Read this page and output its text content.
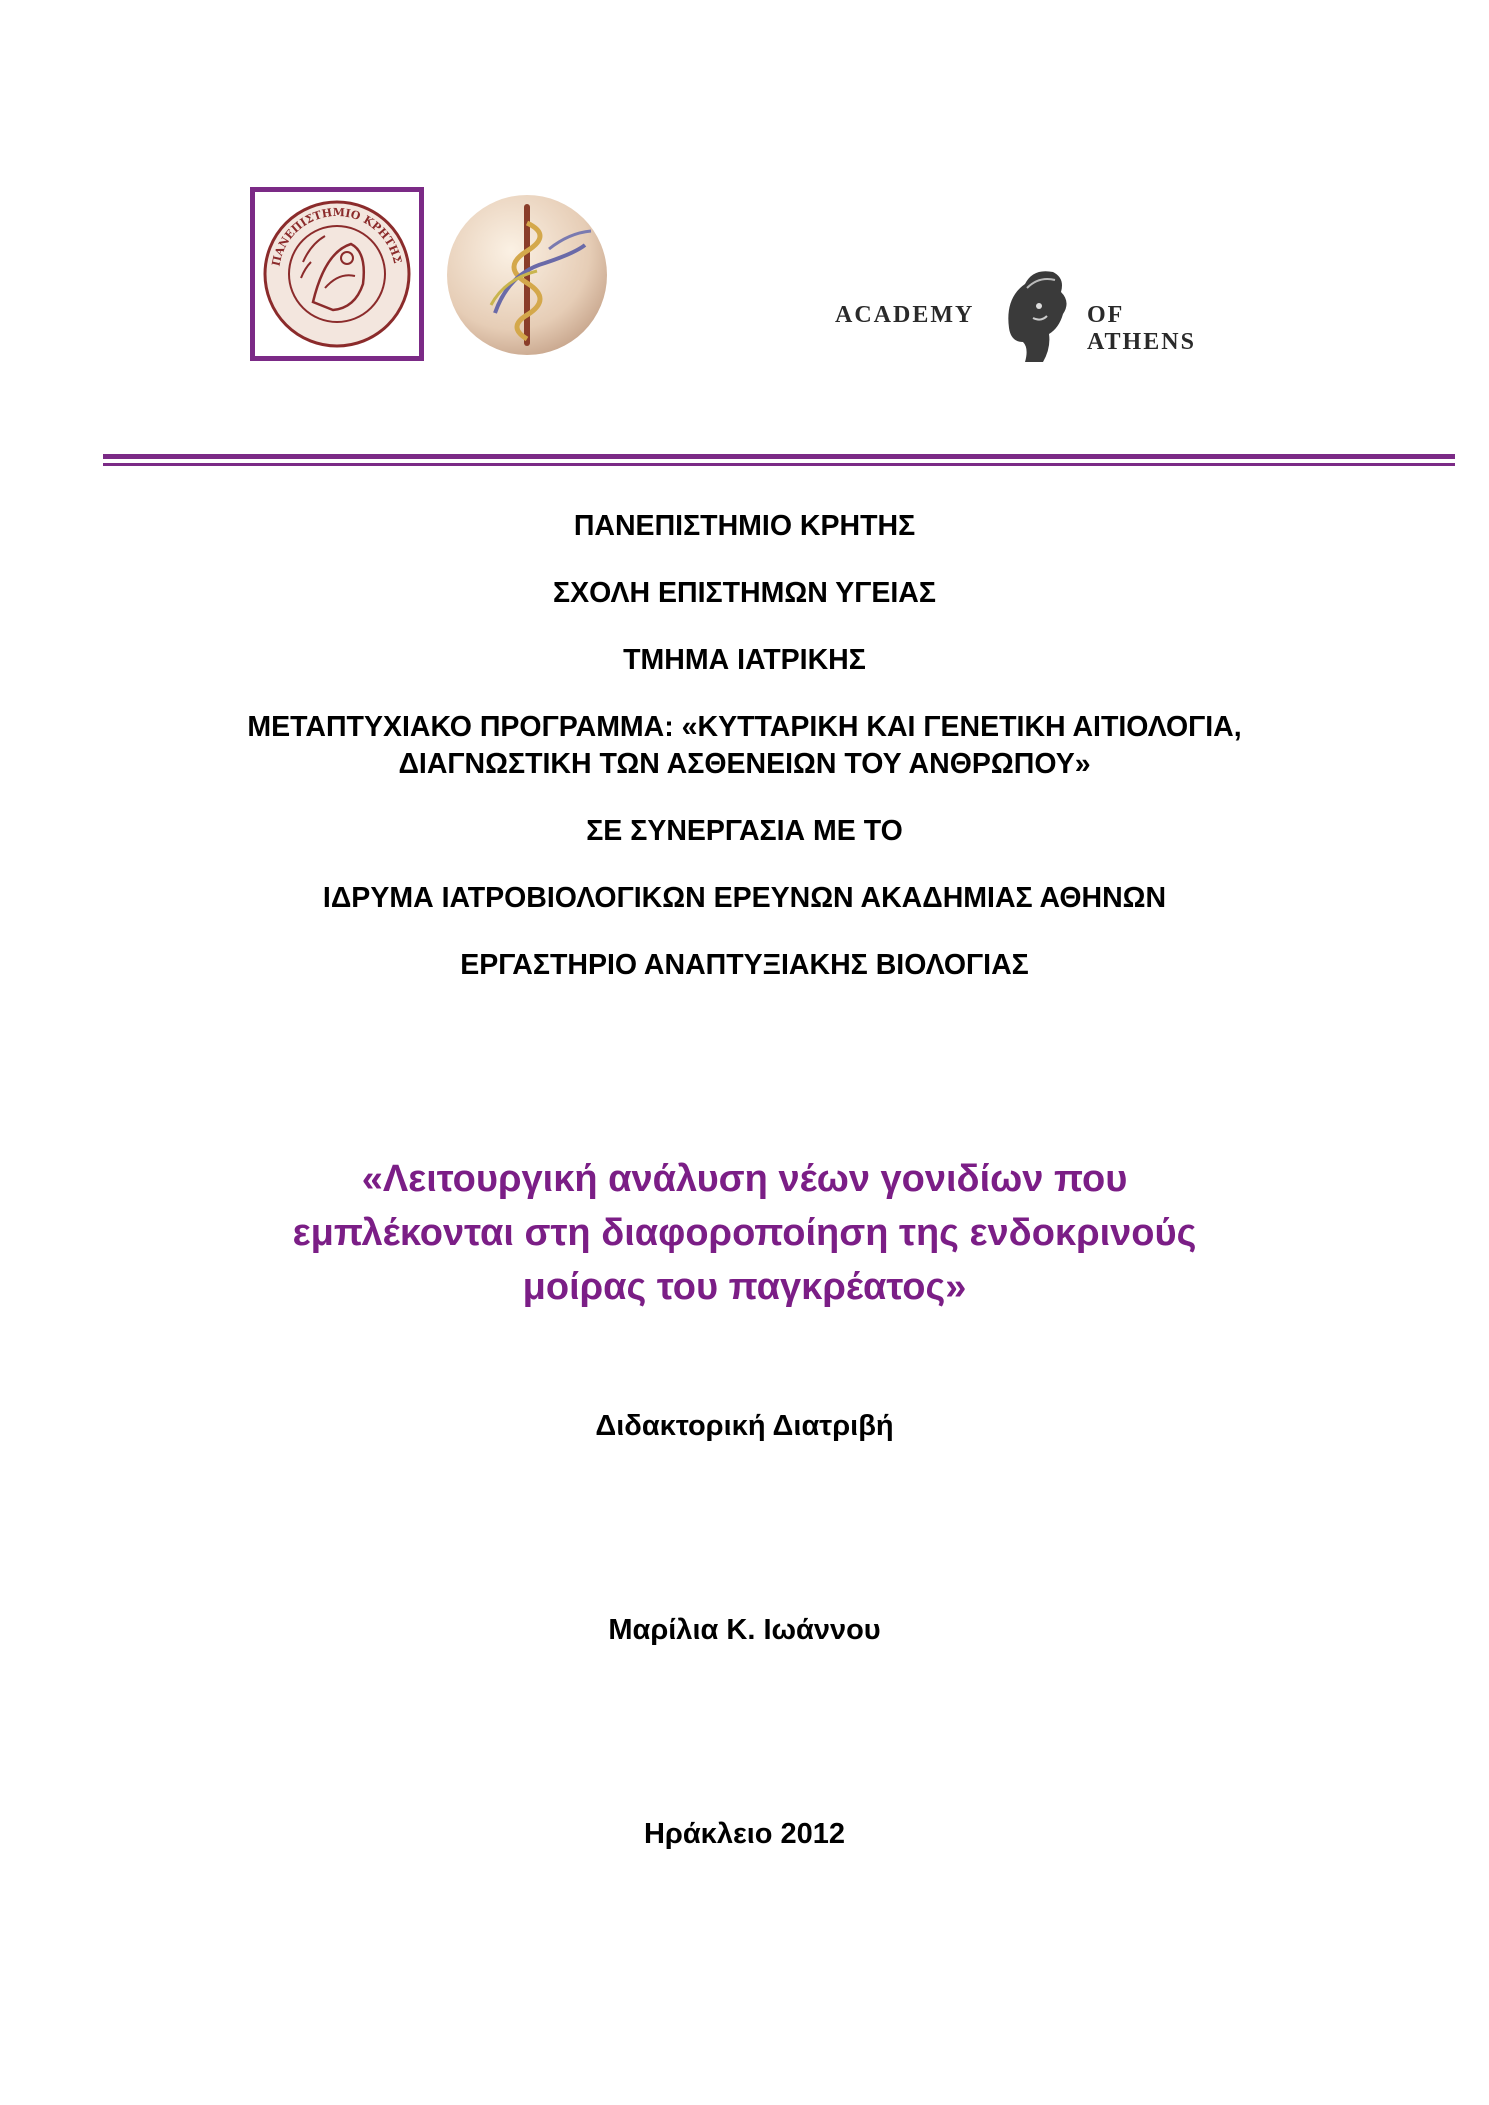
ΠΑΝΕΠΙΣΤΗΜΙΟ ΚΡΗΤΗΣ
ACADEMY	OF ATHENS
ΠΑΝΕΠΙΣΤΗΜΙΟ ΚΡΗΤΗΣ
ΣΧΟΛΗ ΕΠΙΣΤΗΜΩΝ ΥΓΕΙΑΣ
ΤΜΗΜΑ ΙΑΤΡΙΚΗΣ
ΜΕΤΑΠΤΥΧΙΑΚΟ ΠΡΟΓΡΑΜΜΑ: «ΚΥΤΤΑΡΙΚΗ ΚΑΙ ΓΕΝΕΤΙΚΗ ΑΙΤΙΟΛΟΓΙΑ,
ΔΙΑΓΝΩΣΤΙΚΗ ΤΩΝ ΑΣΘΕΝΕΙΩΝ ΤΟΥ ΑΝΘΡΩΠΟΥ»
ΣΕ ΣΥΝΕΡΓΑΣΙΑ ΜΕ ΤΟ
ΙΔΡΥΜΑ ΙΑΤΡΟΒΙΟΛΟΓΙΚΩΝ ΕΡΕΥΝΩΝ ΑΚΑΔΗΜΙΑΣ ΑΘΗΝΩΝ
ΕΡΓΑΣΤΗΡΙΟ ΑΝΑΠΤΥΞΙΑΚΗΣ ΒΙΟΛΟΓΙΑΣ
«Λειτουργική ανάλυση νέων γονιδίων που
εμπλέκονται στη διαφοροποίηση της ενδοκρινούς
μοίρας του παγκρέατος»
Διδακτορική Διατριβή
Μαρίλια Κ. Ιωάννου
Ηράκλειο 2012
